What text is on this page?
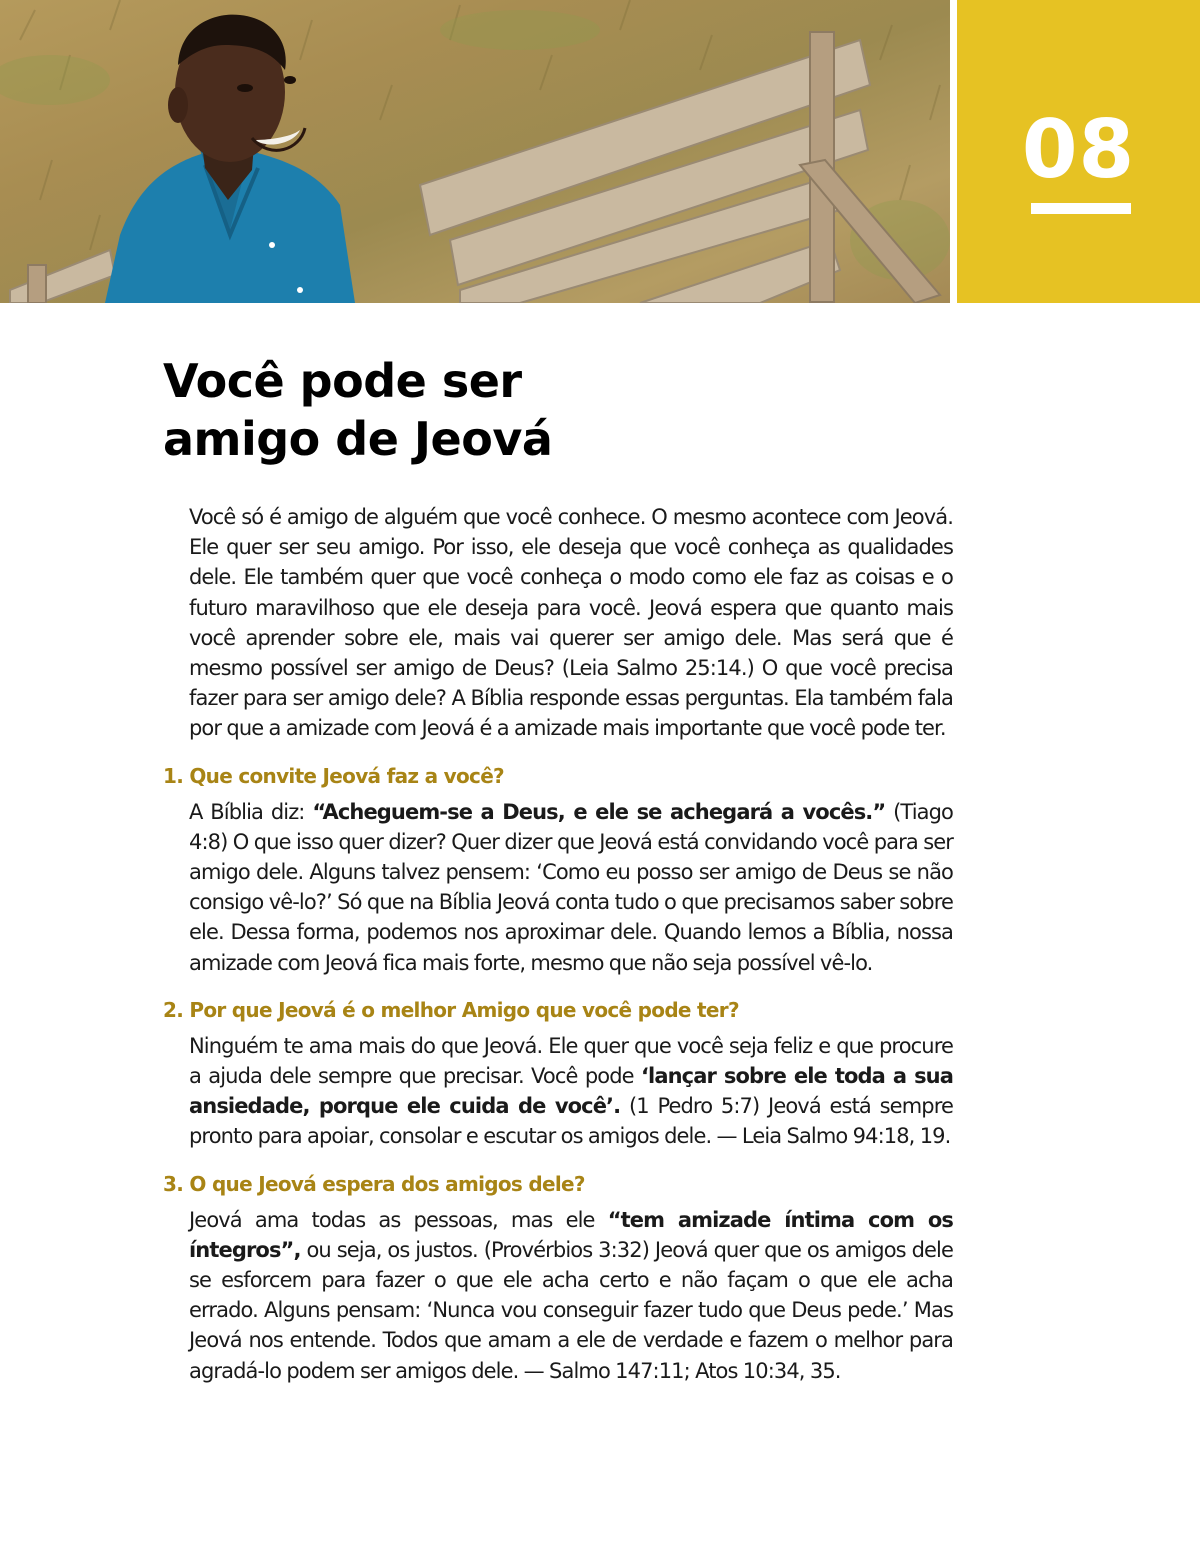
08
Você pode ser
amigo de Jeová

Você só é amigo de alguém que você conhece. O mesmo acontece com Jeová. Ele quer ser seu amigo. Por isso, ele deseja que você conheça as qualidades dele. Ele também quer que você conheça o modo como ele faz as coisas e o futuro maravilhoso que ele deseja para você. Jeová espera que quanto mais você aprender sobre ele, mais vai querer ser amigo dele. Mas será que é mesmo possível ser amigo de Deus? (Leia Salmo 25:14.) O que você precisa fazer para ser amigo dele? A Bíblia responde essas perguntas. Ela também fala por que a amizade com Jeová é a amizade mais importante que você pode ter.

1. Que convite Jeová faz a você?

A Bíblia diz: “Acheguem-se a Deus, e ele se achegará a vocês.” (Tiago 4:8) O que isso quer dizer? Quer dizer que Jeová está convidando você para ser amigo dele. Alguns talvez pensem: ‘Como eu posso ser amigo de Deus se não consigo vê-lo?’ Só que na Bíblia Jeová conta tudo o que precisamos saber sobre ele. Dessa forma, podemos nos aproximar dele. Quando lemos a Bíblia, nossa amizade com Jeová fica mais forte, mesmo que não seja possível vê-lo.

2. Por que Jeová é o melhor Amigo que você pode ter?

Ninguém te ama mais do que Jeová. Ele quer que você seja feliz e que procure a ajuda dele sempre que precisar. Você pode ‘lançar sobre ele toda a sua ansiedade, porque ele cuida de você’. (1 Pedro 5:7) Jeová está sempre pronto para apoiar, consolar e escutar os amigos dele. — Leia Salmo 94:18, 19.

3. O que Jeová espera dos amigos dele?

Jeová ama todas as pessoas, mas ele “tem amizade íntima com os íntegros”, ou seja, os justos. (Provérbios 3:32) Jeová quer que os amigos dele se esforcem para fazer o que ele acha certo e não façam o que ele acha errado. Alguns pensam: ‘Nunca vou conseguir fazer tudo que Deus pede.’ Mas Jeová nos entende. Todos que amam a ele de verdade e fazem o melhor para agradá-lo podem ser amigos dele. — Salmo 147:11; Atos 10:34, 35.
